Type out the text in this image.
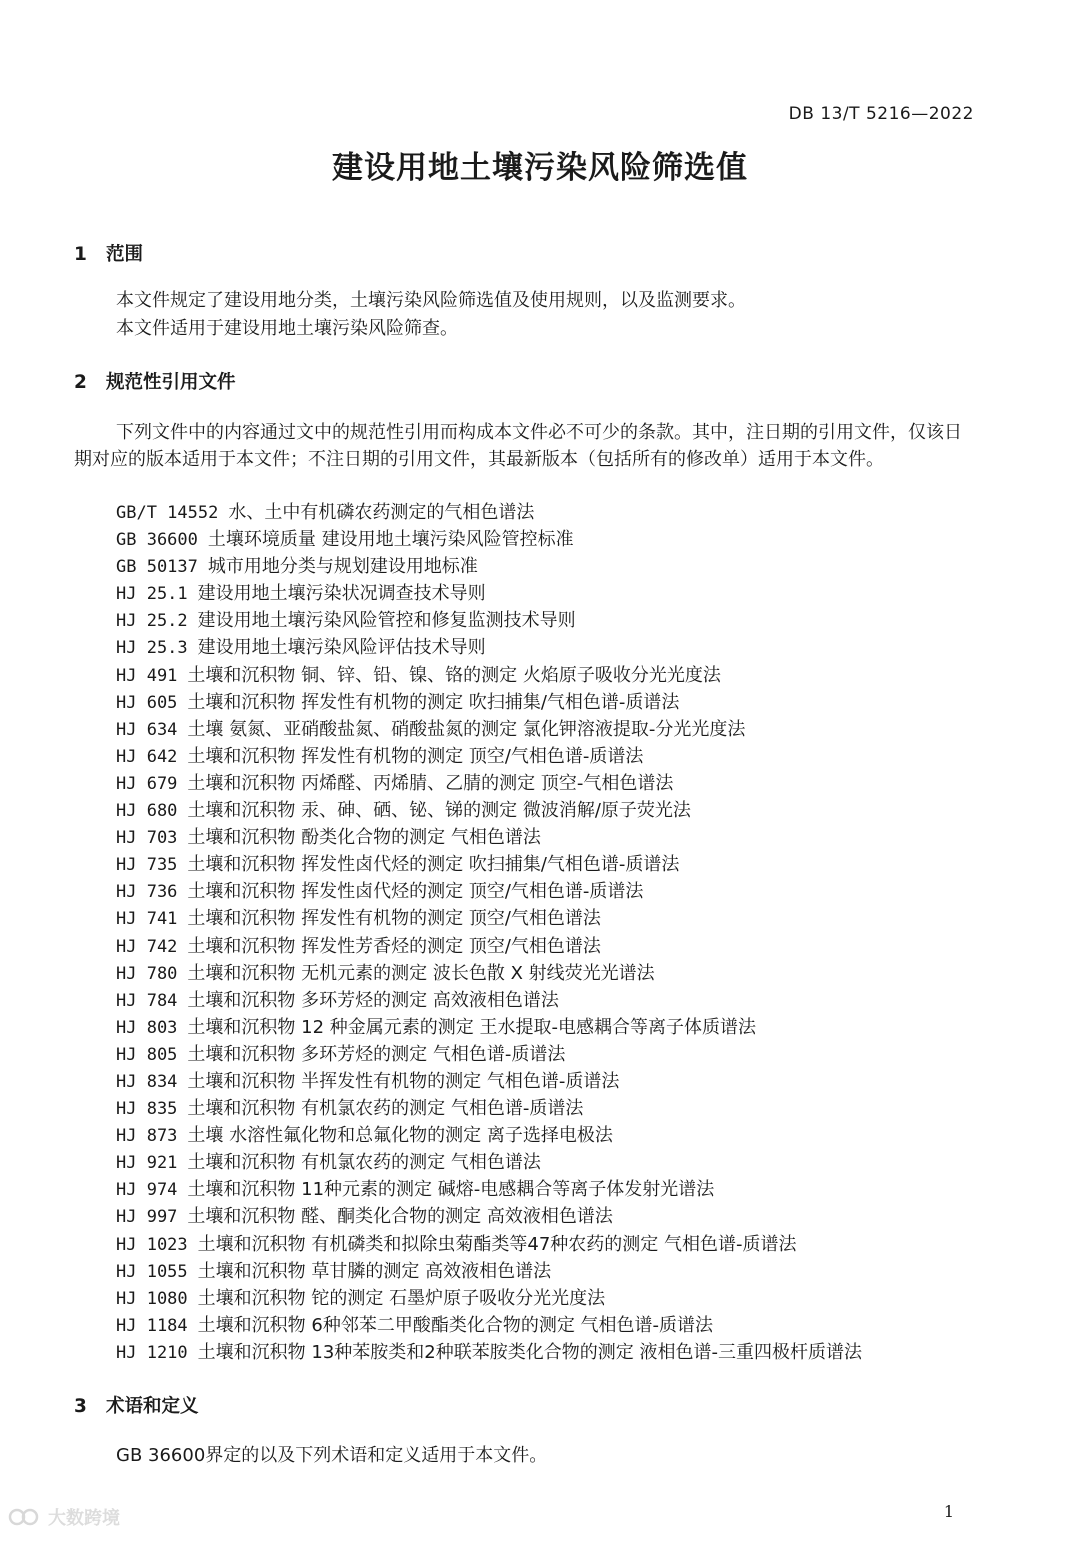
DB 13/T 5216—2022
建设用地土壤污染风险筛选值
1 范围
本文件规定了建设用地分类，土壤污染风险筛选值及使用规则，以及监测要求。
本文件适用于建设用地土壤污染风险筛查。
2 规范性引用文件
下列文件中的内容通过文中的规范性引用而构成本文件必不可少的条款。其中，注日期的引用文件，仅该日期对应的版本适用于本文件；不注日期的引用文件，其最新版本（包括所有的修改单）适用于本文件。
GB/T 14552 水、土中有机磷农药测定的气相色谱法
GB 36600 土壤环境质量 建设用地土壤污染风险管控标准
GB 50137 城市用地分类与规划建设用地标准
HJ 25.1 建设用地土壤污染状况调查技术导则
HJ 25.2 建设用地土壤污染风险管控和修复监测技术导则
HJ 25.3 建设用地土壤污染风险评估技术导则
HJ 491 土壤和沉积物 铜、锌、铅、镍、铬的测定 火焰原子吸收分光光度法
HJ 605 土壤和沉积物 挥发性有机物的测定 吹扫捕集/气相色谱-质谱法
HJ 634 土壤 氨氮、亚硝酸盐氮、硝酸盐氮的测定 氯化钾溶液提取-分光光度法
HJ 642 土壤和沉积物 挥发性有机物的测定 顶空/气相色谱-质谱法
HJ 679 土壤和沉积物 丙烯醛、丙烯腈、乙腈的测定 顶空-气相色谱法
HJ 680 土壤和沉积物 汞、砷、硒、铋、锑的测定 微波消解/原子荧光法
HJ 703 土壤和沉积物 酚类化合物的测定 气相色谱法
HJ 735 土壤和沉积物 挥发性卤代烃的测定 吹扫捕集/气相色谱-质谱法
HJ 736 土壤和沉积物 挥发性卤代烃的测定 顶空/气相色谱-质谱法
HJ 741 土壤和沉积物 挥发性有机物的测定 顶空/气相色谱法
HJ 742 土壤和沉积物 挥发性芳香烃的测定 顶空/气相色谱法
HJ 780 土壤和沉积物 无机元素的测定 波长色散 X 射线荧光光谱法
HJ 784 土壤和沉积物 多环芳烃的测定 高效液相色谱法
HJ 803 土壤和沉积物 12 种金属元素的测定 王水提取-电感耦合等离子体质谱法
HJ 805 土壤和沉积物 多环芳烃的测定 气相色谱-质谱法
HJ 834 土壤和沉积物 半挥发性有机物的测定 气相色谱-质谱法
HJ 835 土壤和沉积物 有机氯农药的测定 气相色谱-质谱法
HJ 873 土壤 水溶性氟化物和总氟化物的测定 离子选择电极法
HJ 921 土壤和沉积物 有机氯农药的测定 气相色谱法
HJ 974 土壤和沉积物 11种元素的测定 碱熔-电感耦合等离子体发射光谱法
HJ 997 土壤和沉积物 醛、酮类化合物的测定 高效液相色谱法
HJ 1023 土壤和沉积物 有机磷类和拟除虫菊酯类等47种农药的测定 气相色谱-质谱法
HJ 1055 土壤和沉积物 草甘膦的测定 高效液相色谱法
HJ 1080 土壤和沉积物 铊的测定 石墨炉原子吸收分光光度法
HJ 1184 土壤和沉积物 6种邻苯二甲酸酯类化合物的测定 气相色谱-质谱法
HJ 1210 土壤和沉积物 13种苯胺类和2种联苯胺类化合物的测定 液相色谱-三重四极杆质谱法
3 术语和定义
GB 36600界定的以及下列术语和定义适用于本文件。
大数跨境	1
